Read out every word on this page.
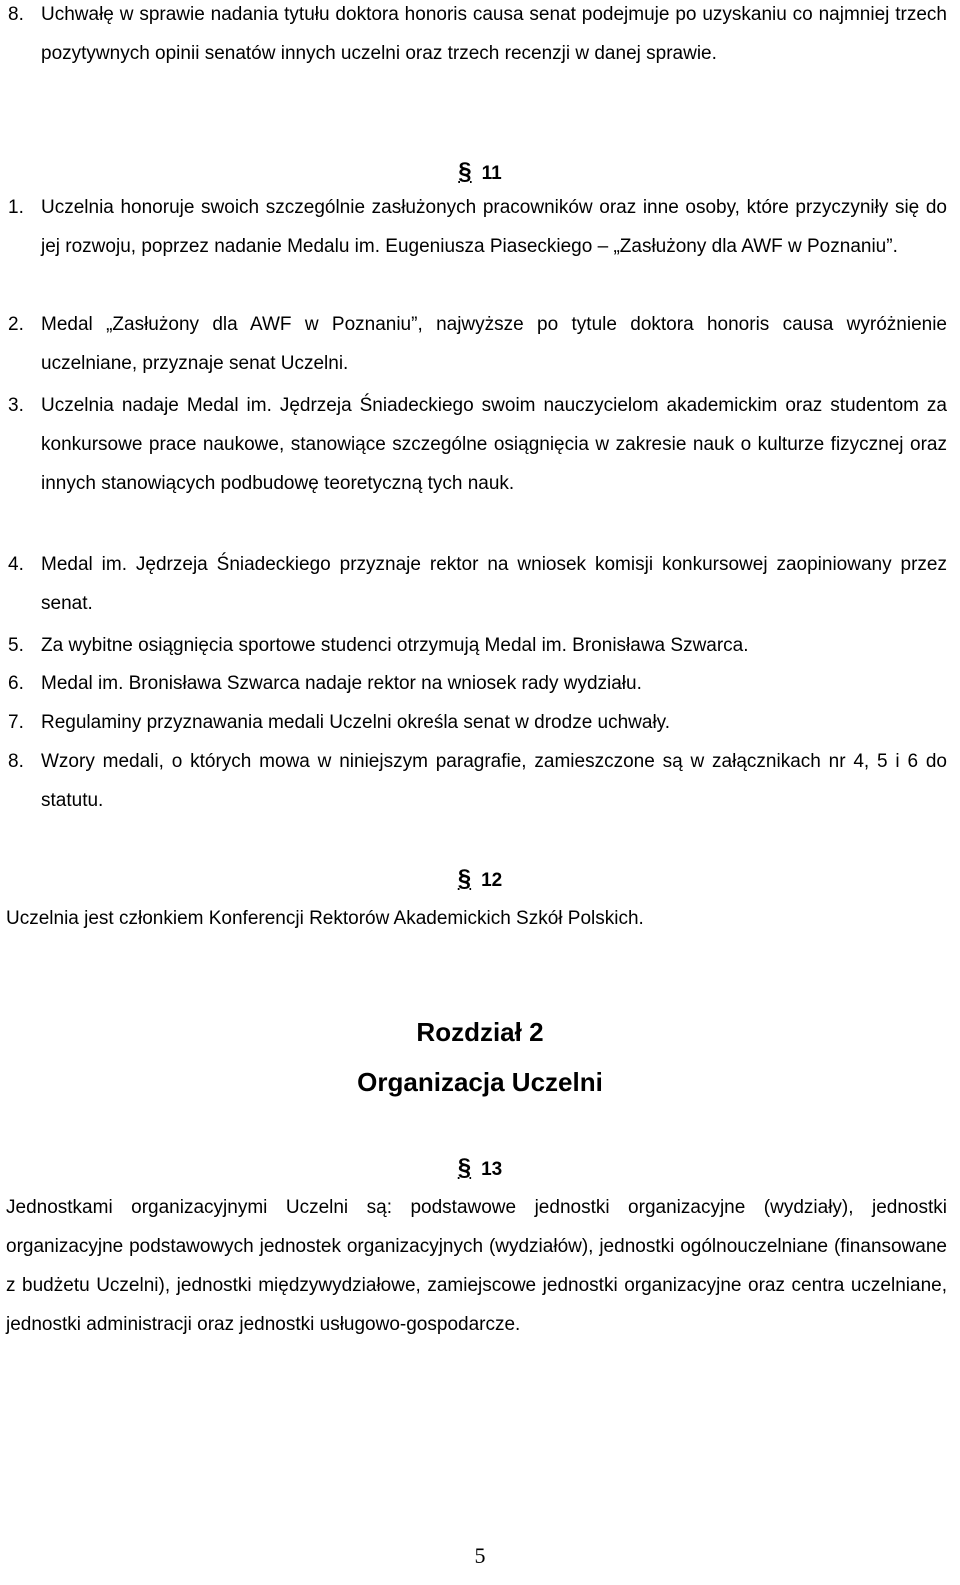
8. Uchwałę w sprawie nadania tytułu doktora honoris causa senat podejmuje po uzyskaniu co najmniej trzech pozytywnych opinii senatów innych uczelni oraz trzech recenzji w danej sprawie.
§ 11
1. Uczelnia honoruje swoich szczególnie zasłużonych pracowników oraz inne osoby, które przyczyniły się do jej rozwoju, poprzez nadanie Medalu im. Eugeniusza Piaseckiego – „Zasłużony dla AWF w Poznaniu”.
2. Medal „Zasłużony dla AWF w Poznaniu”, najwyższe po tytule doktora honoris causa wyróżnienie uczelniane, przyznaje senat Uczelni.
3. Uczelnia nadaje Medal im. Jędrzeja Śniadeckiego swoim nauczycielom akademickim oraz studentom za konkursowe prace naukowe, stanowiące szczególne osiągnięcia w zakresie nauk o kulturze fizycznej oraz innych stanowiących podbudowę teoretyczną tych nauk.
4. Medal im. Jędrzeja Śniadeckiego przyznaje rektor na wniosek komisji konkursowej zaopiniowany przez senat.
5. Za wybitne osiągnięcia sportowe studenci otrzymują Medal im. Bronisława Szwarca.
6. Medal im. Bronisława Szwarca nadaje rektor na wniosek rady wydziału.
7. Regulaminy przyznawania medali Uczelni określa senat w drodze uchwały.
8. Wzory medali, o których mowa w niniejszym paragrafie, zamieszczone są w załącznikach nr 4, 5 i 6 do statutu.
§ 12
Uczelnia jest członkiem Konferencji Rektorów Akademickich Szkół Polskich.
Rozdział 2
Organizacja Uczelni
§ 13
Jednostkami organizacyjnymi Uczelni są: podstawowe jednostki organizacyjne (wydziały), jednostki organizacyjne podstawowych jednostek organizacyjnych (wydziałów), jednostki ogólnouczelniane (finansowane z budżetu Uczelni), jednostki międzywydziałowe, zamiejscowe jednostki organizacyjne oraz centra uczelniane, jednostki administracji oraz jednostki usługowo-gospodarcze.
5
